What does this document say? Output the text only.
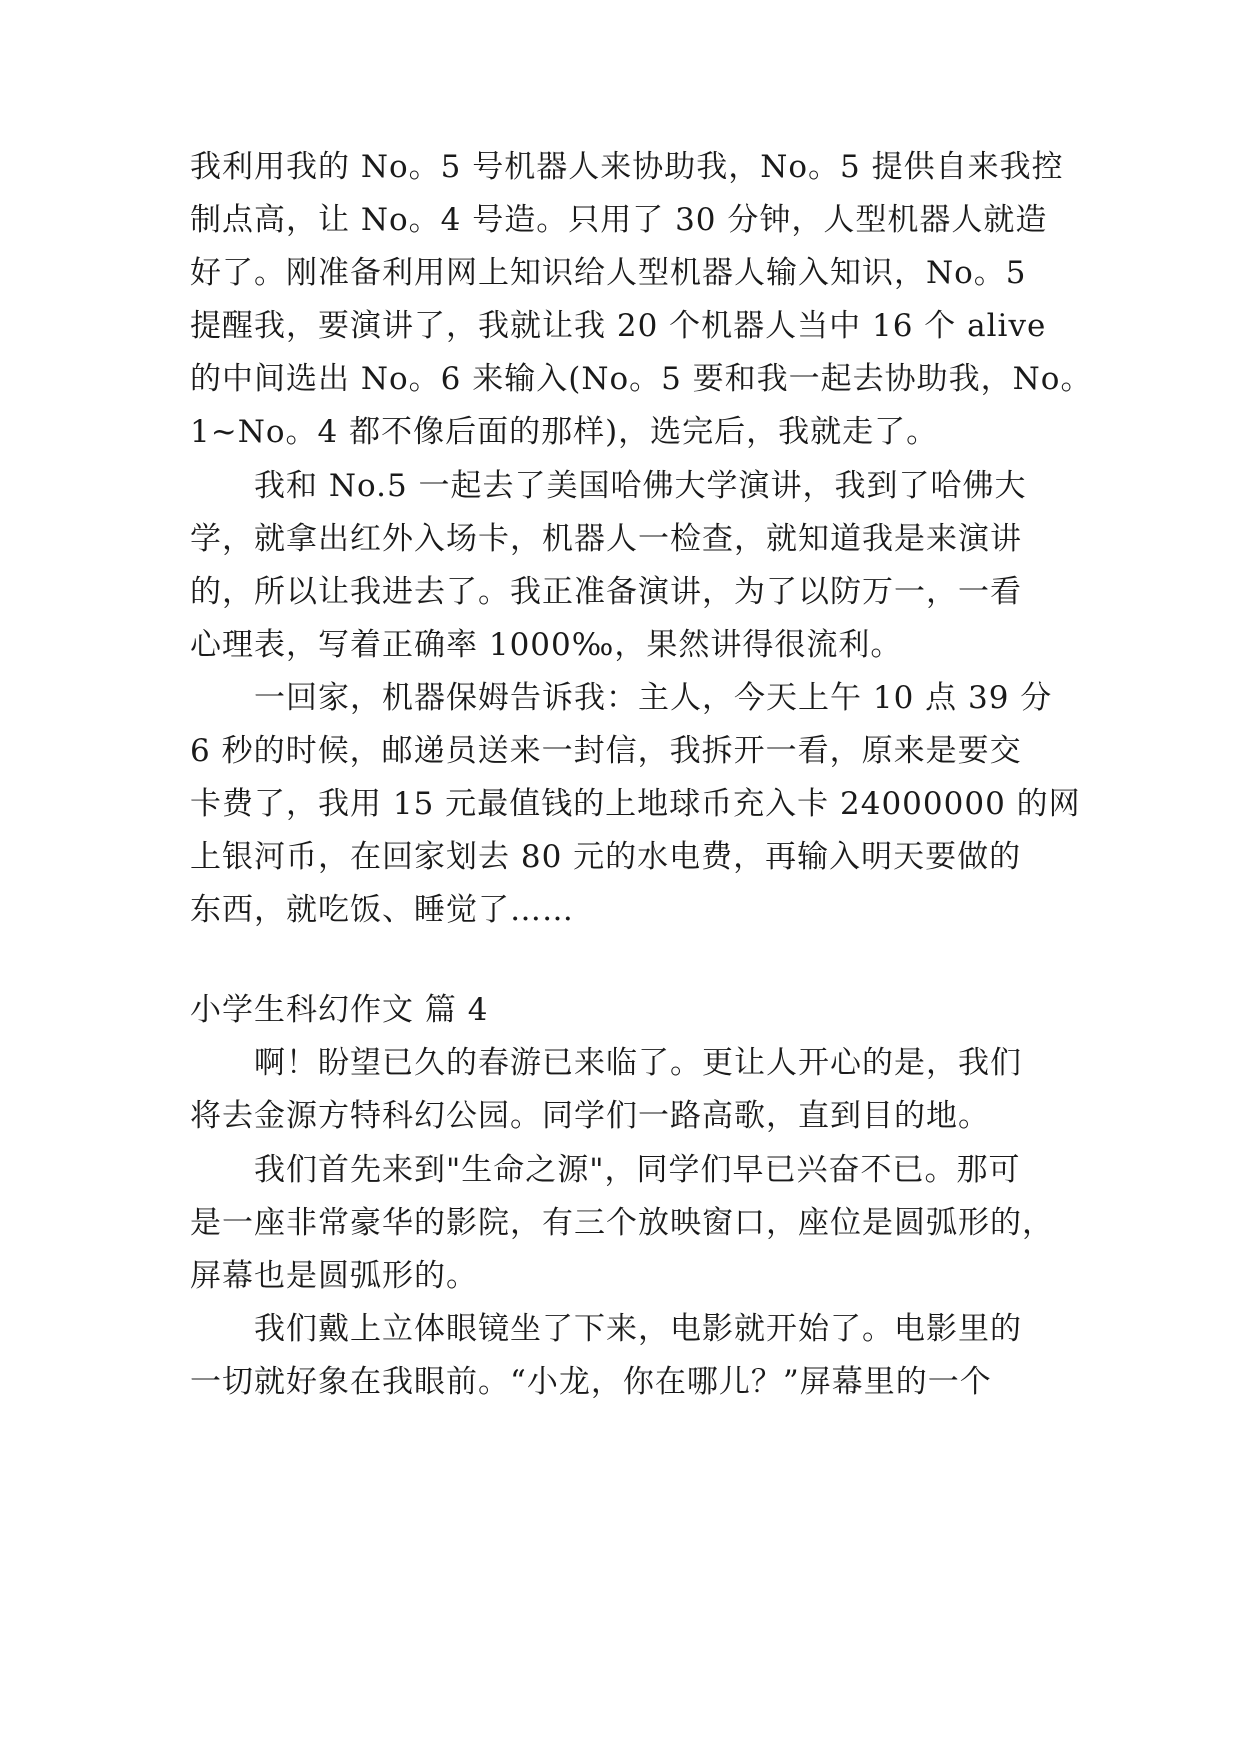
我利用我的 No。5 号机器人来协助我，No。5 提供自来我控
制点高，让 No。4 号造。只用了 30 分钟，人型机器人就造
好了。刚准备利用网上知识给人型机器人输入知识，No。5
提醒我，要演讲了，我就让我 20 个机器人当中 16 个 alive
的中间选出 No。6 来输入(No。5 要和我一起去协助我，No。
1~No。4 都不像后面的那样)，选完后，我就走了。
我和 No.5 一起去了美国哈佛大学演讲，我到了哈佛大
学，就拿出红外入场卡，机器人一检查，就知道我是来演讲
的，所以让我进去了。我正准备演讲，为了以防万一，一看
心理表，写着正确率 1000‰，果然讲得很流利。
一回家，机器保姆告诉我：主人，今天上午 10 点 39 分
6 秒的时候，邮递员送来一封信，我拆开一看，原来是要交
卡费了，我用 15 元最值钱的上地球币充入卡 24000000 的网
上银河币，在回家划去 80 元的水电费，再输入明天要做的
东西，就吃饭、睡觉了……
小学生科幻作文 篇 4
啊！盼望已久的春游已来临了。更让人开心的是，我们
将去金源方特科幻公园。同学们一路高歌，直到目的地。
我们首先来到"生命之源"，同学们早已兴奋不已。那可
是一座非常豪华的影院，有三个放映窗口，座位是圆弧形的，
屏幕也是圆弧形的。
我们戴上立体眼镜坐了下来，电影就开始了。电影里的
一切就好象在我眼前。“小龙，你在哪儿？”屏幕里的一个
